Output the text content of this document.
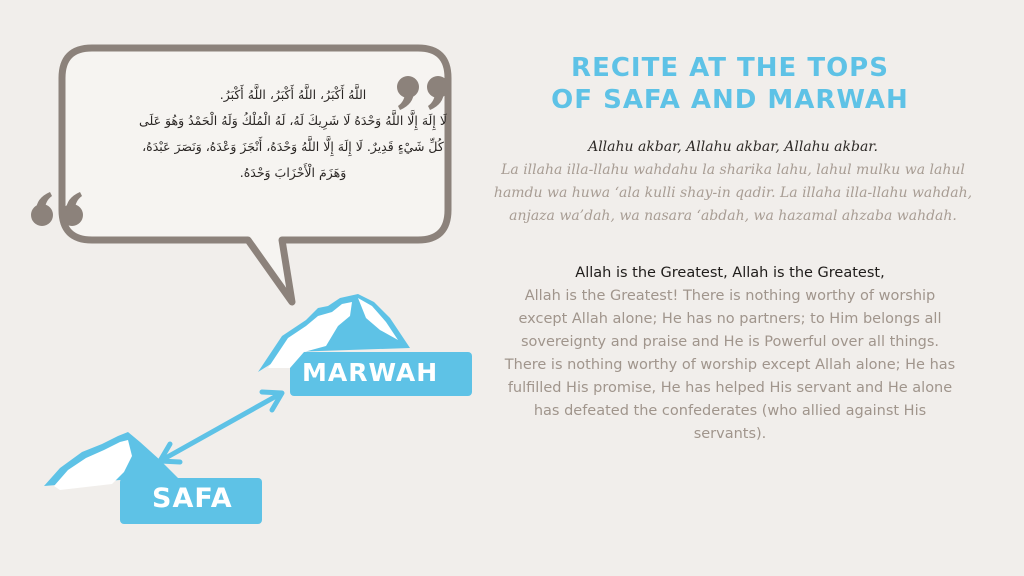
اللَّهُ أَكْبَرُ، اللَّهُ أَكْبَرُ، اللَّهُ أَكْبَرُ.
لَا إِلَهَ إِلَّا اللَّهُ وَحْدَهُ لَا شَرِيكَ لَهُ، لَهُ الْمُلْكُ وَلَهُ الْحَمْدُ وَهُوَ عَلَى
كُلِّ شَيْءٍ قَدِيرٌ. لَا إِلَهَ إِلَّا اللَّهُ وَحْدَهُ، أَنْجَزَ وَعْدَهُ، وَنَصَرَ عَبْدَهُ،
وَهَزَمَ الْأَحْزَابَ وَحْدَهُ.
RECITE AT THE TOPS
OF SAFA AND MARWAH
Allahu akbar, Allahu akbar, Allahu akbar.
La illaha illa-llahu wahdahu la sharika lahu, lahul mulku wa lahul hamdu wa huwa ‘ala kulli shay-in qadir. La illaha illa-llahu wahdah, anjaza wa’dah, wa nasara ‘abdah, wa hazamal ahzaba wahdah.
Allah is the Greatest, Allah is the Greatest,
Allah is the Greatest! There is nothing worthy of worship except Allah alone; He has no partners; to Him belongs all sovereignty and praise and He is Powerful over all things. There is nothing worthy of worship except Allah alone; He has fulfilled His promise, He has helped His servant and He alone has defeated the confederates (who allied against His servants).
MARWAH
SAFA
